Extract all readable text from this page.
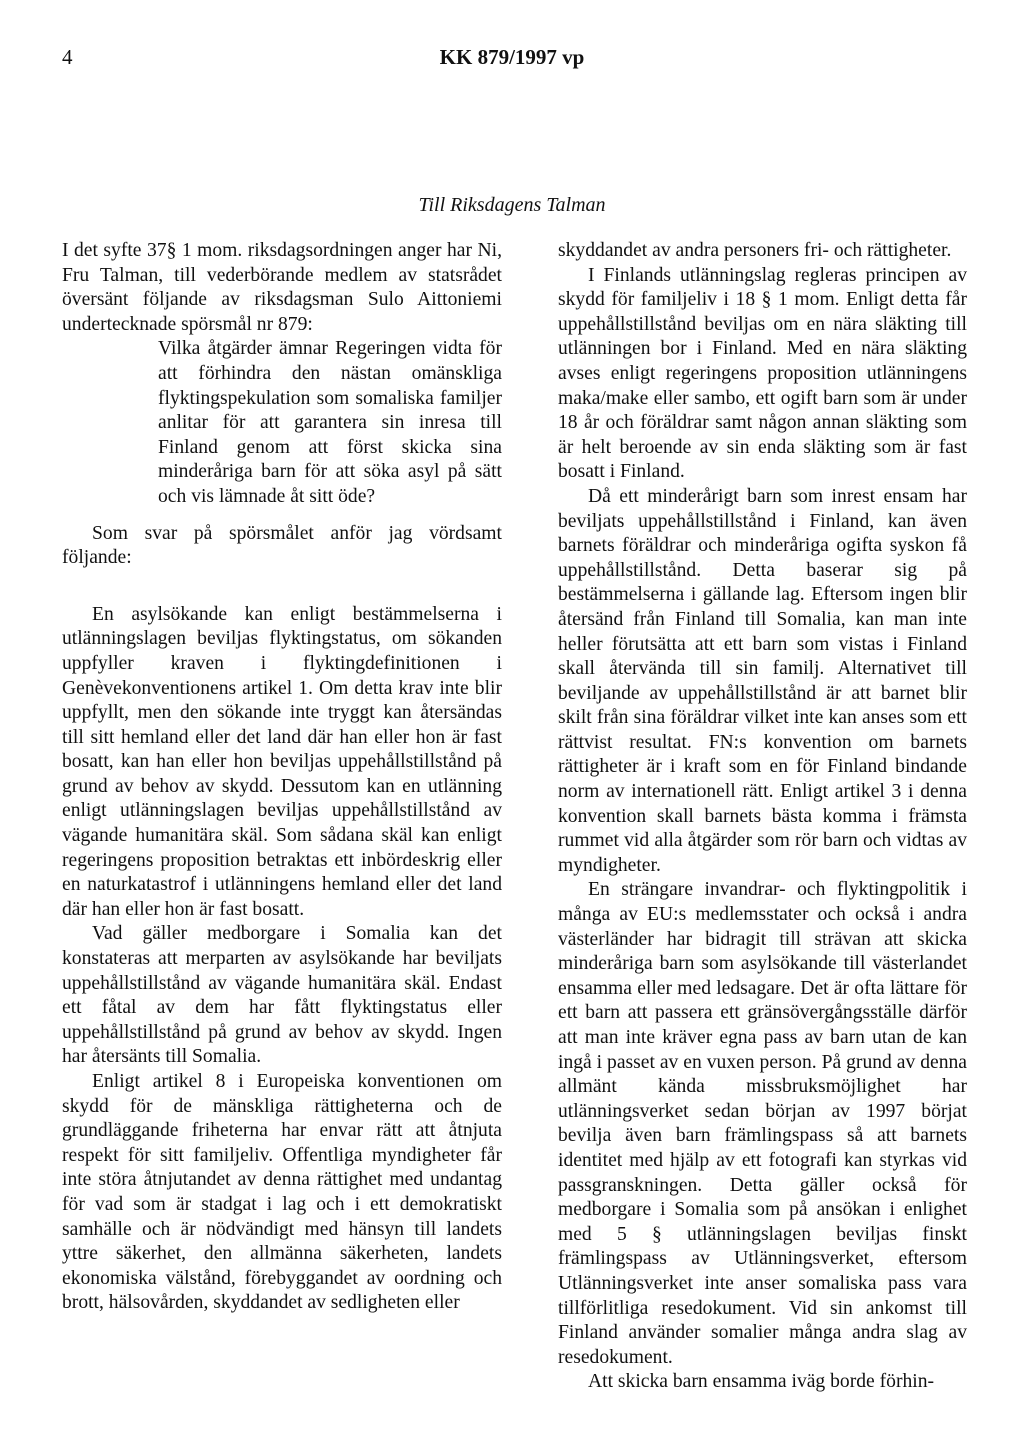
4	KK 879/1997 vp
Till Riksdagens Talman

I det syfte 37§ 1 mom. riksdagsordningen anger har Ni, Fru Talman, till vederbörande medlem av statsrådet översänt följande av riksdagsman Sulo Aittoniemi undertecknade spörsmål nr 879:

Vilka åtgärder ämnar Regeringen vidta för att förhindra den nästan omänskliga flyktingspekulation som somaliska familjer anlitar för att garantera sin inresa till Finland genom att först skicka sina minderåriga barn för att söka asyl på sätt och vis lämnade åt sitt öde?

Som svar på spörsmålet anför jag vördsamt följande:

En asylsökande kan enligt bestämmelserna i utlänningslagen beviljas flyktingstatus, om sökanden uppfyller kraven i flyktingdefinitionen i Genèvekonventionens artikel 1. Om detta krav inte blir uppfyllt, men den sökande inte tryggt kan återsändas till sitt hemland eller det land där han eller hon är fast bosatt, kan han eller hon beviljas uppehållstillstånd på grund av behov av skydd. Dessutom kan en utlänning enligt utlänningslagen beviljas uppehållstillstånd av vägande humanitära skäl. Som sådana skäl kan enligt regeringens proposition betraktas ett inbördeskrig eller en naturkatastrof i utlänningens hemland eller det land där han eller hon är fast bosatt.

Vad gäller medborgare i Somalia kan det konstateras att merparten av asylsökande har beviljats uppehållstillstånd av vägande humanitära skäl. Endast ett fåtal av dem har fått flyktingstatus eller uppehållstillstånd på grund av behov av skydd. Ingen har återsänts till Somalia.

Enligt artikel 8 i Europeiska konventionen om skydd för de mänskliga rättigheterna och de grundläggande friheterna har envar rätt att åtnjuta respekt för sitt familjeliv. Offentliga myndigheter får inte störa åtnjutandet av denna rättighet med undantag för vad som är stadgat i lag och i ett demokratiskt samhälle och är nödvändigt med hänsyn till landets yttre säkerhet, den allmänna säkerheten, landets ekonomiska välstånd, förebyggandet av oordning och brott, hälsovården, skyddandet av sedligheten eller

skyddandet av andra personers fri- och rättigheter.

I Finlands utlänningslag regleras principen av skydd för familjeliv i 18 § 1 mom. Enligt detta får uppehållstillstånd beviljas om en nära släkting till utlänningen bor i Finland. Med en nära släkting avses enligt regeringens proposition utlänningens maka/make eller sambo, ett ogift barn som är under 18 år och föräldrar samt någon annan släkting som är helt beroende av sin enda släkting som är fast bosatt i Finland.

Då ett minderårigt barn som inrest ensam har beviljats uppehållstillstånd i Finland, kan även barnets föräldrar och minderåriga ogifta syskon få uppehållstillstånd. Detta baserar sig på bestämmelserna i gällande lag. Eftersom ingen blir återsänd från Finland till Somalia, kan man inte heller förutsätta att ett barn som vistas i Finland skall återvända till sin familj. Alternativet till beviljande av uppehållstillstånd är att barnet blir skilt från sina föräldrar vilket inte kan anses som ett rättvist resultat. FN:s konvention om barnets rättigheter är i kraft som en för Finland bindande norm av internationell rätt. Enligt artikel 3 i denna konvention skall barnets bästa komma i främsta rummet vid alla åtgärder som rör barn och vidtas av myndigheter.

En strängare invandrar- och flyktingpolitik i många av EU:s medlemsstater och också i andra västerländer har bidragit till strävan att skicka minderåriga barn som asylsökande till västerlandet ensamma eller med ledsagare. Det är ofta lättare för ett barn att passera ett gränsövergångsställe därför att man inte kräver egna pass av barn utan de kan ingå i passet av en vuxen person. På grund av denna allmänt kända missbruksmöjlighet har utlänningsverket sedan början av 1997 börjat bevilja även barn främlingspass så att barnets identitet med hjälp av ett fotografi kan styrkas vid passgranskningen. Detta gäller också för medborgare i Somalia som på ansökan i enlighet med 5 § utlänningslagen beviljas finskt främlingspass av Utlänningsverket, eftersom Utlänningsverket inte anser somaliska pass vara tillförlitliga resedokument. Vid sin ankomst till Finland använder somalier många andra slag av resedokument.

Att skicka barn ensamma iväg borde förhin-
